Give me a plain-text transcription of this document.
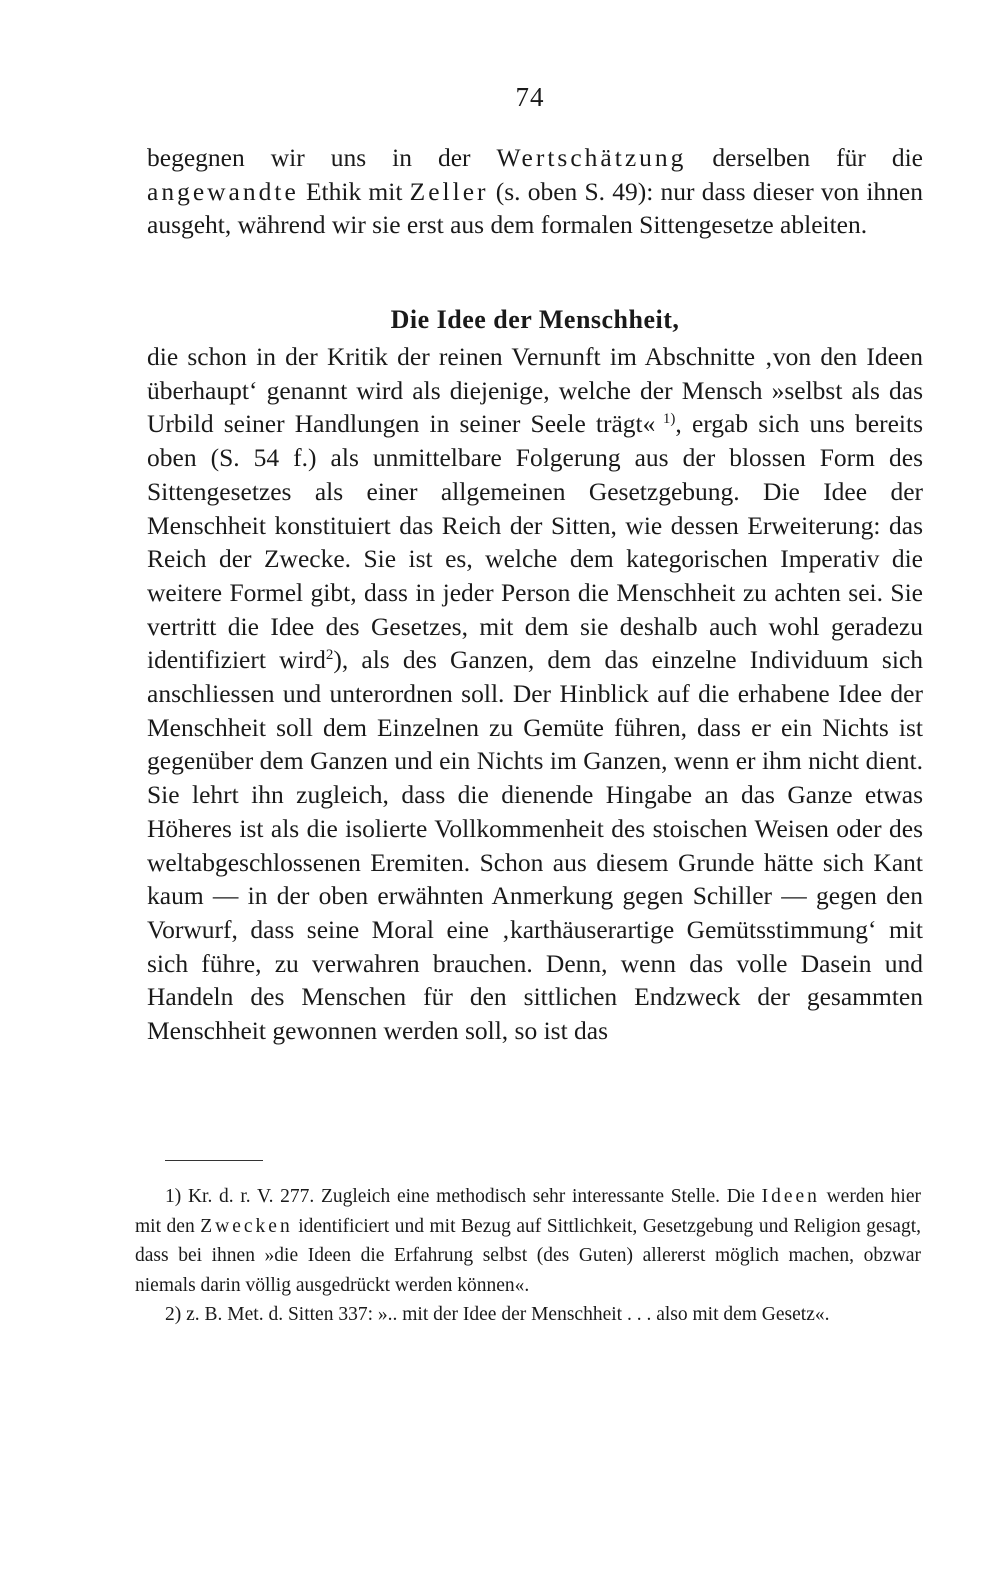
74

begegnen wir uns in der Wertschätzung derselben für die angewandte Ethik mit Zeller (s. oben S. 49): nur dass dieser von ihnen ausgeht, während wir sie erst aus dem formalen Sittengesetze ableiten.

Die Idee der Menschheit,

die schon in der Kritik der reinen Vernunft im Abschnitte ‚von den Ideen überhaupt‘ genannt wird als diejenige, welche der Mensch »selbst als das Urbild seiner Handlungen in seiner Seele trägt« $^{1)}$, ergab sich uns bereits oben (S. 54 f.) als unmittelbare Folgerung aus der blossen Form des Sittengesetzes als einer allgemeinen Gesetzgebung. Die Idee der Menschheit konstituiert das Reich der Sitten, wie dessen Erweiterung: das Reich der Zwecke. Sie ist es, welche dem kategorischen Imperativ die weitere Formel gibt, dass in jeder Person die Menschheit zu achten sei. Sie vertritt die Idee des Gesetzes, mit dem sie deshalb auch wohl geradezu identifiziert wird$^2$), als des Ganzen, dem das einzelne Individuum sich anschliessen und unterordnen soll. Der Hinblick auf die erhabene Idee der Menschheit soll dem Einzelnen zu Gemüte führen, dass er ein Nichts ist gegenüber dem Ganzen und ein Nichts im Ganzen, wenn er ihm nicht dient. Sie lehrt ihn zugleich, dass die dienende Hingabe an das Ganze etwas Höheres ist als die isolierte Vollkommenheit des stoischen Weisen oder des weltabgeschlossenen Eremiten. Schon aus diesem Grunde hätte sich Kant kaum — in der oben erwähnten Anmerkung gegen Schiller — gegen den Vorwurf, dass seine Moral eine ‚karthäuserartige Gemütsstimmung‘ mit sich führe, zu verwahren brauchen. Denn, wenn das volle Dasein und Handeln des Menschen für den sittlichen Endzweck der gesammten Menschheit gewonnen werden soll, so ist das

1) Kr. d. r. V. 277. Zugleich eine methodisch sehr interessante Stelle. Die Ideen werden hier mit den Zwecken identificiert und mit Bezug auf Sittlichkeit, Gesetzgebung und Religion gesagt, dass bei ihnen »die Ideen die Erfahrung selbst (des Guten) allererst möglich machen, obzwar niemals darin völlig ausgedrückt werden können«.

2) z. B. Met. d. Sitten 337: ».. mit der Idee der Menschheit . . . also mit dem Gesetz«.
